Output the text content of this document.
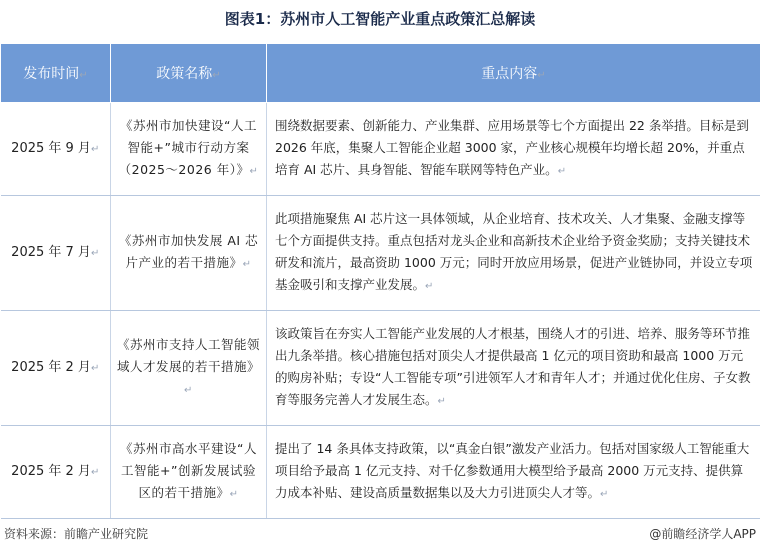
图表1：苏州市人工智能产业重点政策汇总解读
发布时间↵	政策名称↵	重点内容↵
2025 年 9 月↵	《苏州市加快建设“人工智能+”城市行动方案（2025～2026 年）》↵	围绕数据要素、创新能力、产业集群、应用场景等七个方面提出 22 条举措。目标是到 2026 年底，集聚人工智能企业超 3000 家，产业核心规模年均增长超 20%，并重点培育 AI 芯片、具身智能、智能车联网等特色产业。↵
2025 年 7 月↵	《苏州市加快发展 AI 芯片产业的若干措施》↵	此项措施聚焦 AI 芯片这一具体领域，从企业培育、技术攻关、人才集聚、金融支撑等七个方面提供支持。重点包括对龙头企业和高新技术企业给予资金奖励；支持关键技术研发和流片，最高资助 1000 万元；同时开放应用场景，促进产业链协同，并设立专项基金吸引和支撑产业发展。↵
2025 年 2 月↵	《苏州市支持人工智能领域人才发展的若干措施》↵	该政策旨在夯实人工智能产业发展的人才根基，围绕人才的引进、培养、服务等环节推出九条举措。核心措施包括对顶尖人才提供最高 1 亿元的项目资助和最高 1000 万元的购房补贴；专设“人工智能专项”引进领军人才和青年人才；并通过优化住房、子女教育等服务完善人才发展生态。↵
2025 年 2 月↵	《苏州市高水平建设“人工智能+”创新发展试验区的若干措施》↵	提出了 14 条具体支持政策，以“真金白银”激发产业活力。包括对国家级人工智能重大项目给予最高 1 亿元支持、对千亿参数通用大模型给予最高 2000 万元支持、提供算力成本补贴、建设高质量数据集以及大力引进顶尖人才等。↵
资料来源：前瞻产业研究院	@前瞻经济学人APP
